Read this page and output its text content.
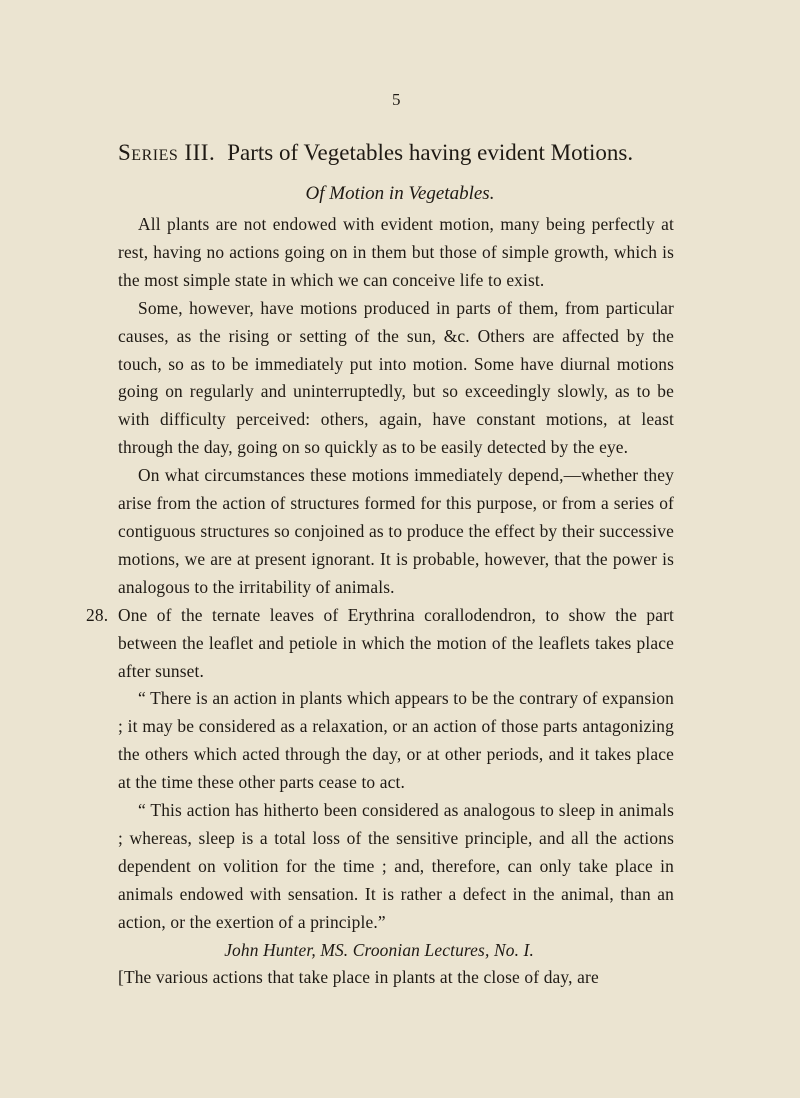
5
Series III. Parts of Vegetables having evident Motions.
Of Motion in Vegetables.

All plants are not endowed with evident motion, many being perfectly at rest, having no actions going on in them but those of simple growth, which is the most simple state in which we can conceive life to exist.

Some, however, have motions produced in parts of them, from particular causes, as the rising or setting of the sun, &c. Others are affected by the touch, so as to be immediately put into motion. Some have diurnal motions going on regularly and uninterruptedly, but so exceedingly slowly, as to be with difficulty perceived: others, again, have constant motions, at least through the day, going on so quickly as to be easily detected by the eye.

On what circumstances these motions immediately depend,—whether they arise from the action of structures formed for this purpose, or from a series of contiguous structures so conjoined as to produce the effect by their successive motions, we are at present ignorant. It is probable, however, that the power is analogous to the irritability of animals.

28. One of the ternate leaves of Erythrina corallodendron, to show the part between the leaflet and petiole in which the motion of the leaflets takes place after sunset.

“ There is an action in plants which appears to be the contrary of expansion ; it may be considered as a relaxation, or an action of those parts antagonizing the others which acted through the day, or at other periods, and it takes place at the time these other parts cease to act.

“ This action has hitherto been considered as analogous to sleep in animals ; whereas, sleep is a total loss of the sensitive principle, and all the actions dependent on volition for the time ; and, therefore, can only take place in animals endowed with sensation. It is rather a defect in the animal, than an action, or the exertion of a principle.”

John Hunter, MS. Croonian Lectures, No. I.

[The various actions that take place in plants at the close of day, are
